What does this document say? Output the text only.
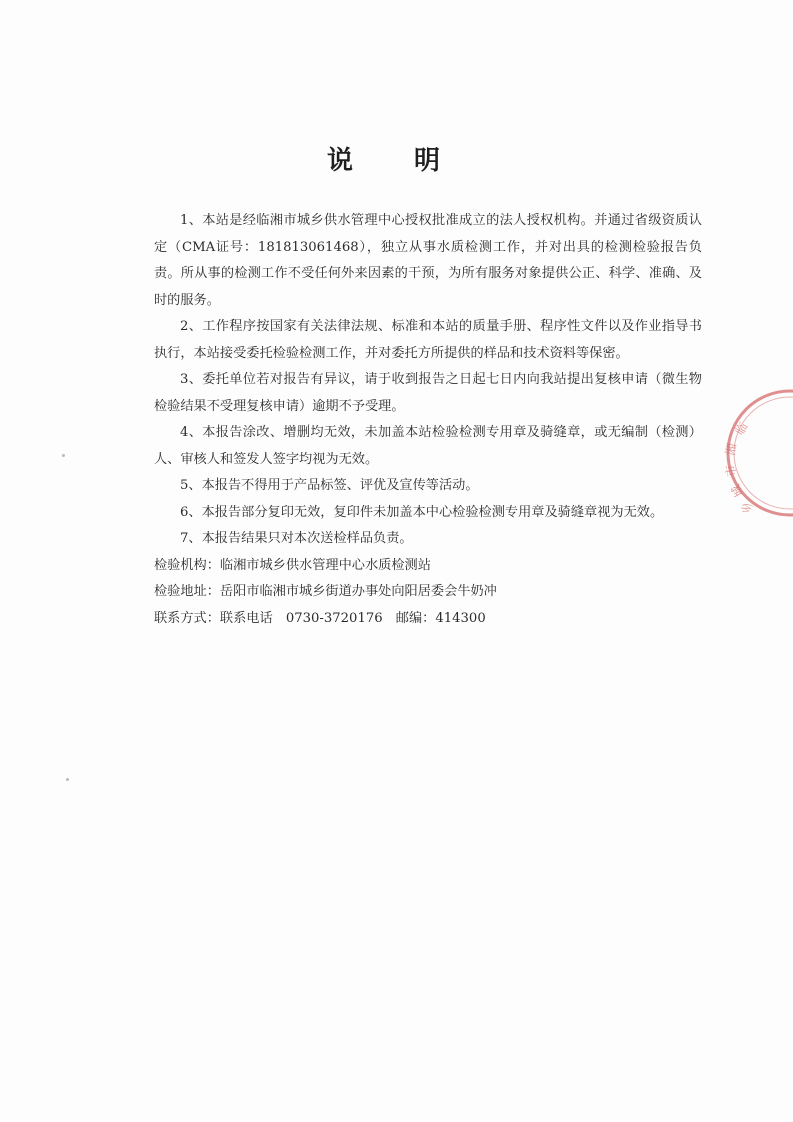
说 明

1、本站是经临湘市城乡供水管理中心授权批准成立的法人授权机构。并通过省级资质认定（CMA证号：181813061468），独立从事水质检测工作，并对出具的检测检验报告负责。所从事的检测工作不受任何外来因素的干预，为所有服务对象提供公正、科学、准确、及时的服务。

2、工作程序按国家有关法律法规、标准和本站的质量手册、程序性文件以及作业指导书执行，本站接受委托检验检测工作，并对委托方所提供的样品和技术资料等保密。

3、委托单位若对报告有异议，请于收到报告之日起七日内向我站提出复核申请（微生物检验结果不受理复核申请）逾期不予受理。

4、本报告涂改、增删均无效，未加盖本站检验检测专用章及骑缝章，或无编制（检测）人、审核人和签发人签字均视为无效。

5、本报告不得用于产品标签、评优及宣传等活动。

6、本报告部分复印无效，复印件未加盖本中心检验检测专用章及骑缝章视为无效。

7、本报告结果只对本次送检样品负责。

检验机构：临湘市城乡供水管理中心水质检测站

检验地址：岳阳市临湘市城乡街道办事处向阳居委会牛奶冲

联系方式：联系电话　0730-3720176　邮编：414300

临
湘
市
城
乡
